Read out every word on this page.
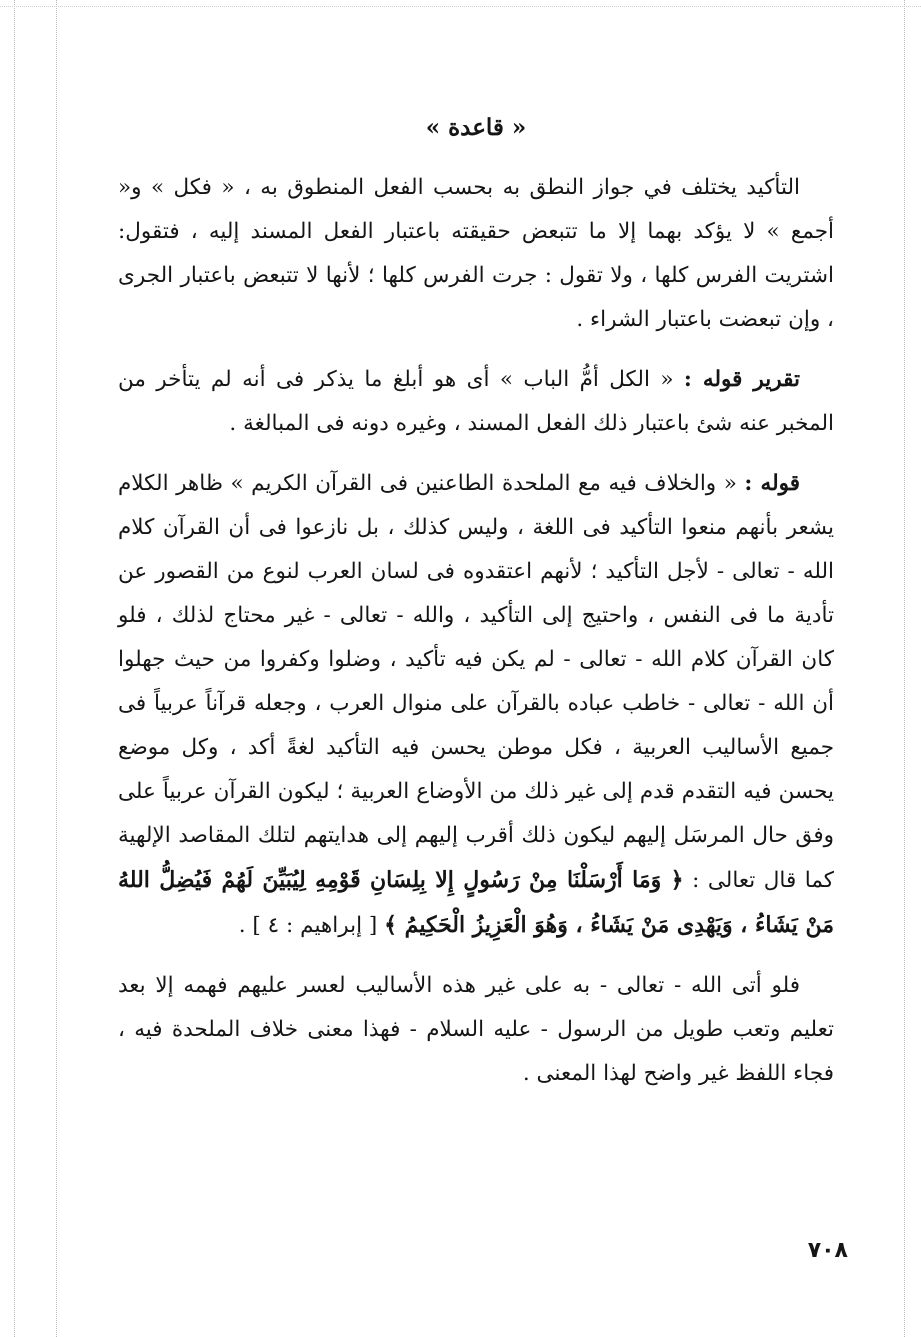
« قاعدة »

التأكيد يختلف في جواز النطق به بحسب الفعل المنطوق به ، « فكل » و« أجمع » لا يؤكد بهما إلا ما تتبعض حقيقته باعتبار الفعل المسند إليه ، فتقول: اشتريت الفرس كلها ، ولا تقول : جرت الفرس كلها ؛ لأنها لا تتبعض باعتبار الجرى ، وإن تبعضت باعتبار الشراء .

تقرير قوله : « الكل أمُّ الباب » أى هو أبلغ ما يذكر فى أنه لم يتأخر من المخبر عنه شئ باعتبار ذلك الفعل المسند ، وغيره دونه فى المبالغة .

قوله : « والخلاف فيه مع الملحدة الطاعنين فى القرآن الكريم » ظاهر الكلام يشعر بأنهم منعوا التأكيد فى اللغة ، وليس كذلك ، بل نازعوا فى أن القرآن كلام الله - تعالى - لأجل التأكيد ؛ لأنهم اعتقدوه فى لسان العرب لنوع من القصور عن تأدية ما فى النفس ، واحتيج إلى التأكيد ، والله - تعالى - غير محتاج لذلك ، فلو كان القرآن كلام الله - تعالى - لم يكن فيه تأكيد ، وضلوا وكفروا من حيث جهلوا أن الله - تعالى - خاطب عباده بالقرآن على منوال العرب ، وجعله قرآناً عربياً فى جميع الأساليب العربية ، فكل موطن يحسن فيه التأكيد لغةً أكد ، وكل موضع يحسن فيه التقدم قدم إلى غير ذلك من الأوضاع العربية ؛ ليكون القرآن عربياً على وفق حال المرسَل إليهم ليكون ذلك أقرب إليهم إلى هدايتهم لتلك المقاصد الإلهية كما قال تعالى : ﴿ وَمَا أَرْسَلْنَا مِنْ رَسُولٍ إِلا بِلِسَانِ قَوْمِهِ لِيُبَيِّنَ لَهُمْ فَيُضِلُّ اللهُ مَنْ يَشَاءُ ، وَيَهْدِى مَنْ يَشَاءُ ، وَهُوَ الْعَزِيزُ الْحَكِيمُ ﴾ [ إبراهيم : ٤ ] .

فلو أتى الله - تعالى - به على غير هذه الأساليب لعسر عليهم فهمه إلا بعد تعليم وتعب طويل من الرسول - عليه السلام - فهذا معنى خلاف الملحدة فيه ، فجاء اللفظ غير واضح لهذا المعنى .

٧٠٨
